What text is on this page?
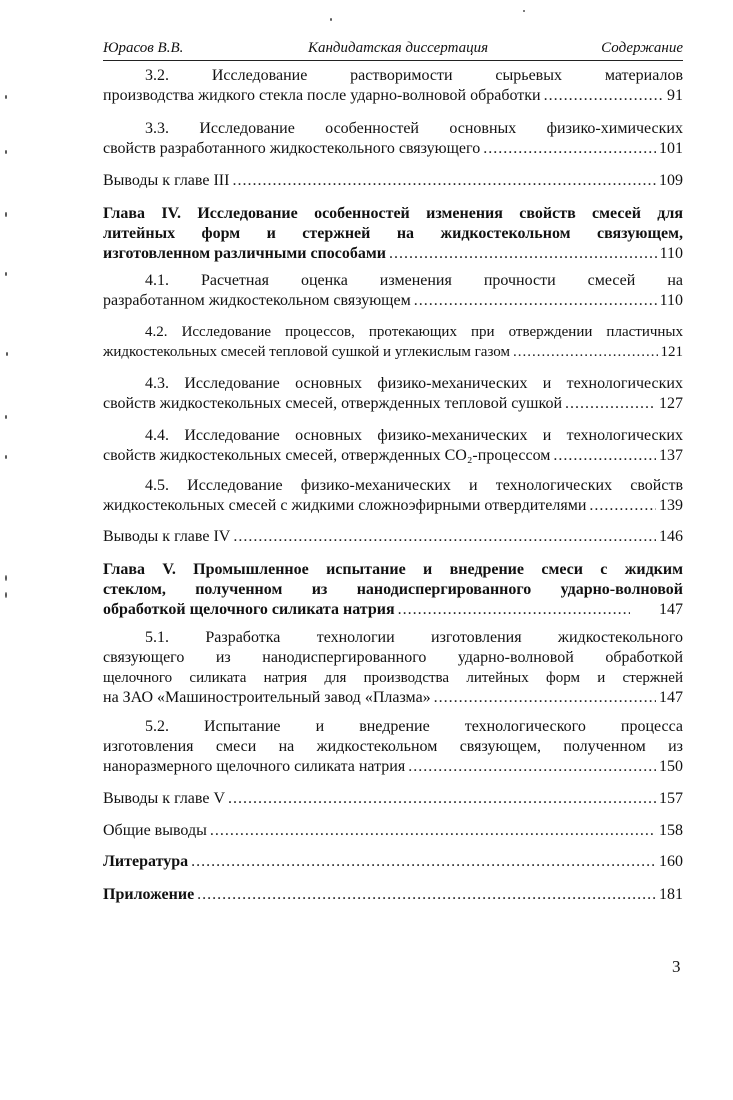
Юрасов В.В.	Кандидатская диссертация	Содержание
3.2. Исследование растворимости сырьевых материалов
производства жидкого стекла после ударно-волновой обработки .....	91
3.3. Исследование особенностей основных физико-химических
свойств разработанного жидкостекольного связующего .....	101
Выводы к главе III .....	109
Глава IV. Исследование особенностей изменения свойств смесей для
литейных форм и стержней на жидкостекольном связующем,
изготовленном различными способами .....	110
4.1. Расчетная оценка изменения прочности смесей на
разработанном жидкостекольном связующем .....	110
4.2. Исследование процессов, протекающих при отверждении пластичных
жидкостекольных смесей тепловой сушкой и углекислым газом .....	121
4.3. Исследование основных физико-механических и технологических
свойств жидкостекольных смесей, отвержденных тепловой сушкой .....	127
4.4. Исследование основных физико-механических и технологических
свойств жидкостекольных смесей, отвержденных СО₂-процессом .....	137
4.5. Исследование физико-механических и технологических свойств
жидкостекольных смесей с жидкими сложноэфирными отвердителями .....	139
Выводы к главе IV .....	146
Глава V. Промышленное испытание и внедрение смеси с жидким
стеклом, полученном из нанодиспергированного ударно-волновой
обработкой щелочного силиката натрия .....	147
5.1. Разработка технологии изготовления жидкостекольного
связующего из нанодиспергированного ударно-волновой обработкой
щелочного силиката натрия для производства литейных форм и стержней
на ЗАО «Машиностроительный завод «Плазма» .....	147
5.2. Испытание и внедрение технологического процесса
изготовления смеси на жидкостекольном связующем, полученном из
наноразмерного щелочного силиката натрия .....	150
Выводы к главе V .....	157
Общие выводы .....	158
Литература .....	160
Приложение .....	181
3
